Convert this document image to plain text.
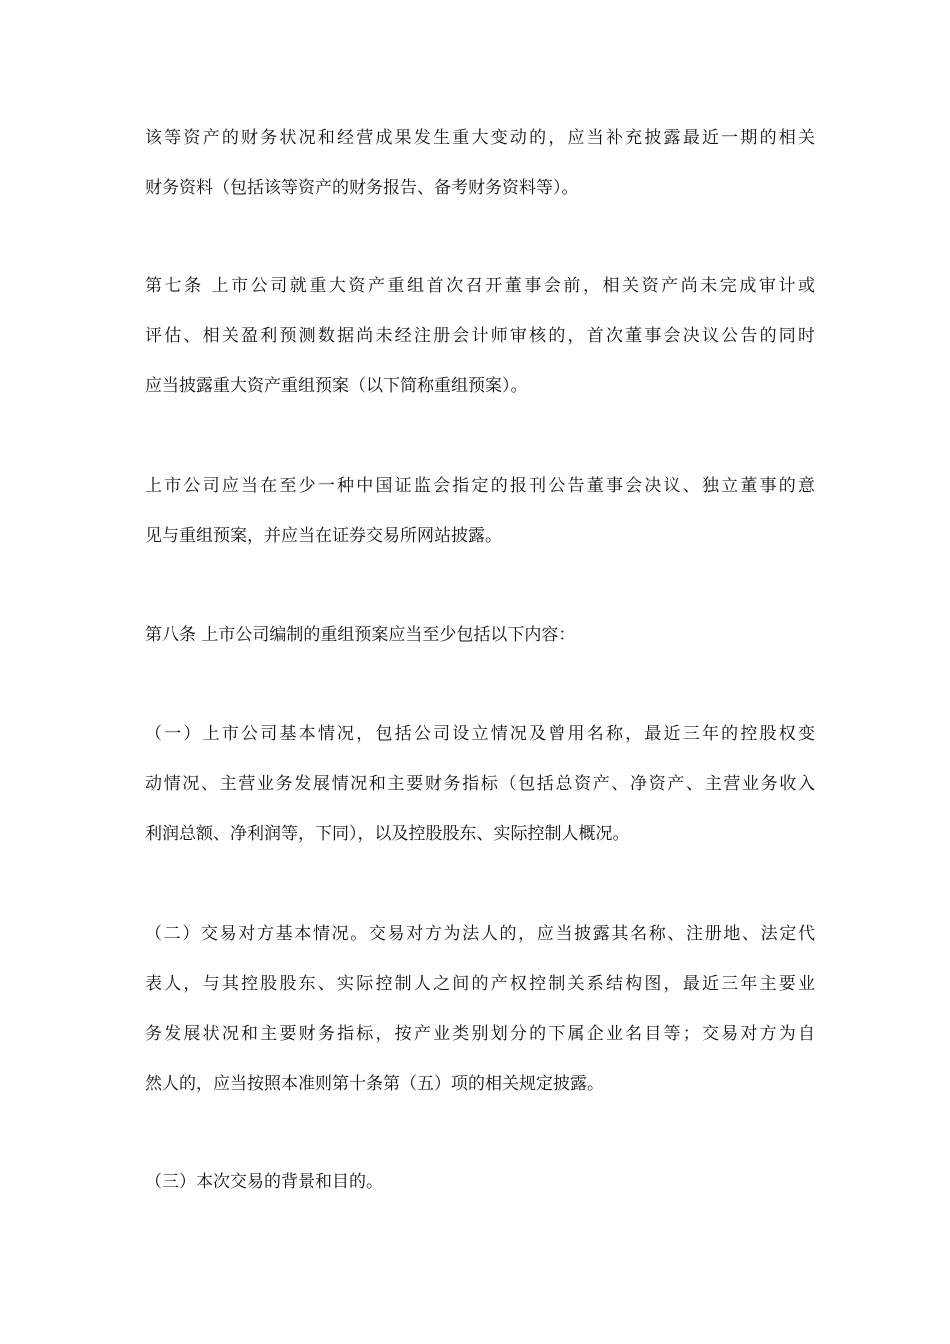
该等资产的财务状况和经营成果发生重大变动的，应当补充披露最近一期的相关
财务资料（包括该等资产的财务报告、备考财务资料等）。
第七条 上市公司就重大资产重组首次召开董事会前，相关资产尚未完成审计或
评估、相关盈利预测数据尚未经注册会计师审核的，首次董事会决议公告的同时
应当披露重大资产重组预案（以下简称重组预案）。
上市公司应当在至少一种中国证监会指定的报刊公告董事会决议、独立董事的意
见与重组预案，并应当在证券交易所网站披露。
第八条 上市公司编制的重组预案应当至少包括以下内容：
（一）上市公司基本情况，包括公司设立情况及曾用名称，最近三年的控股权变
动情况、主营业务发展情况和主要财务指标（包括总资产、净资产、主营业务收入
利润总额、净利润等，下同），以及控股股东、实际控制人概况。
（二）交易对方基本情况。交易对方为法人的，应当披露其名称、注册地、法定代
表人，与其控股股东、实际控制人之间的产权控制关系结构图，最近三年主要业
务发展状况和主要财务指标，按产业类别划分的下属企业名目等；交易对方为自
然人的，应当按照本准则第十条第（五）项的相关规定披露。
（三）本次交易的背景和目的。
